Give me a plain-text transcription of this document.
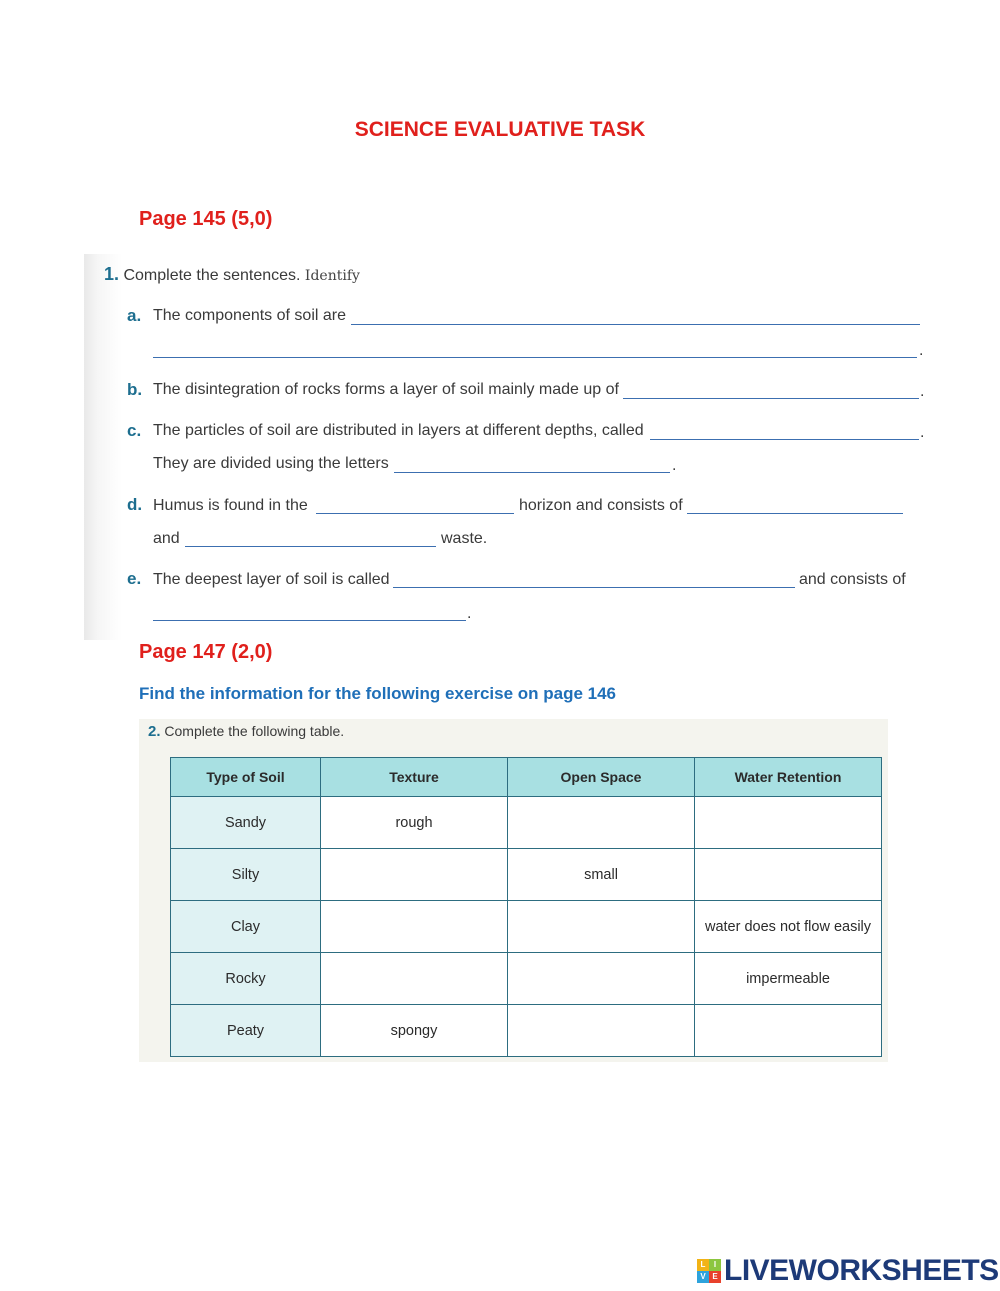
SCIENCE EVALUATIVE TASK
Page 145 (5,0)
1. Complete the sentences. Identify
a. The components of soil are
.
b. The disintegration of rocks forms a layer of soil mainly made up of	.
c. The particles of soil are distributed in layers at different depths, called	.
They are divided using the letters	.
d. Humus is found in the	horizon and consists of
and	waste.
e. The deepest layer of soil is called	and consists of
.
Page 147 (2,0)
Find the information for the following exercise on page 146
2. Complete the following table.
Type of Soil	Texture	Open Space	Water Retention
Sandy	rough		
Silty		small	
Clay			water does not flow easily
Rocky			impermeable
Peaty	spongy		
L	I
V E LIVEWORKSHEETS
